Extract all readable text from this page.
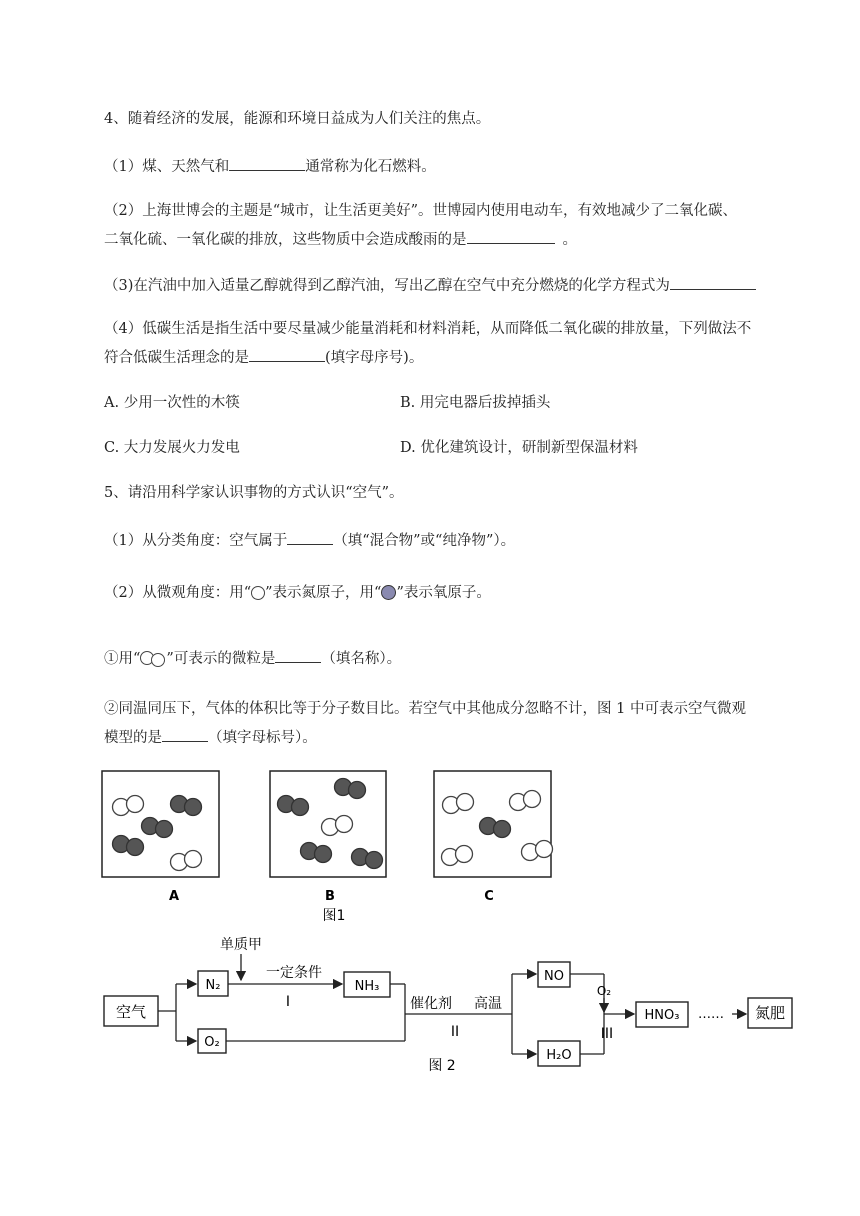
4、随着经济的发展，能源和环境日益成为人们关注的焦点。
（1）煤、天然气和	通常称为化石燃料。
（2）上海世博会的主题是“城市，让生活更美好”。世博园内使用电动车，有效地减少了二氧化碳、
二氧化硫、一氧化碳的排放，这些物质中会造成酸雨的是	。
（3)在汽油中加入适量乙醇就得到乙醇汽油，写出乙醇在空气中充分燃烧的化学方程式为
（4）低碳生活是指生活中要尽量减少能量消耗和材料消耗，从而降低二氧化碳的排放量，下列做法不
符合低碳生活理念的是	(填字母序号)。
A. 少用一次性的木筷	B. 用完电器后拔掉插头
C. 大力发展火力发电	D. 优化建筑设计，研制新型保温材料
5、请沿用科学家认识事物的方式认识“空气”。
（1）从分类角度：空气属于	（填“混合物”或“纯净物”）。
（2）从微观角度：用“ ”表示氮原子，用“ ”表示氧原子。
①用“ ”可表示的微粒是	（填名称）。
②同温同压下，气体的体积比等于分子数目比。若空气中其他成分忽略不计，图 1 中可表示空气微观
模型的是	（填字母标号）。
A	B	C
图1
空气
N₂
O₂
单质甲
一定条件
I
NH₃
催化剂 高温
II
NO
H₂O
O₂
III
HNO₃ …… 氮肥
图 2
